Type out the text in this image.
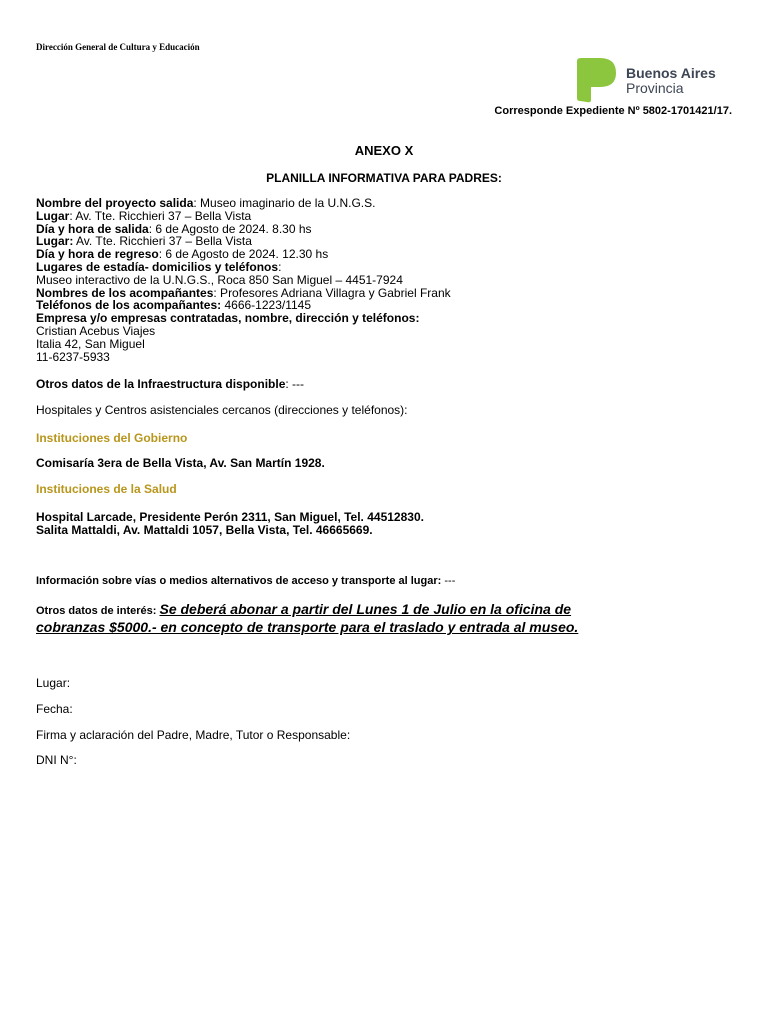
Dirección General de Cultura y Educación
Buenos Aires
Provincia
Corresponde Expediente Nº 5802-1701421/17.
ANEXO X
PLANILLA INFORMATIVA PARA PADRES:
Nombre del proyecto salida: Museo imaginario de la U.N.G.S.
Lugar: Av. Tte. Ricchieri 37 – Bella Vista
Día y hora de salida: 6 de Agosto de 2024. 8.30 hs
Lugar: Av. Tte. Ricchieri 37 – Bella Vista
Día y hora de regreso: 6 de Agosto de 2024. 12.30 hs
Lugares de estadía- domicilios y teléfonos:
Museo interactivo de la U.N.G.S., Roca 850 San Miguel – 4451-7924
Nombres de los acompañantes: Profesores Adriana Villagra y Gabriel Frank
Teléfonos de los acompañantes: 4666-1223/1145
Empresa y/o empresas contratadas, nombre, dirección y teléfonos:
Cristian Acebus Viajes
Italia 42, San Miguel
11-6237-5933
Otros datos de la Infraestructura disponible: ---
Hospitales y Centros asistenciales cercanos (direcciones y teléfonos):
Instituciones del Gobierno
Comisaría 3era de Bella Vista, Av. San Martín 1928.
Instituciones de la Salud
Hospital Larcade, Presidente Perón 2311, San Miguel, Tel. 44512830.
Salita Mattaldi, Av. Mattaldi 1057, Bella Vista, Tel. 46665669.
Información sobre vías o medios alternativos de acceso y transporte al lugar: ---
Otros datos de interés: Se deberá abonar a partir del Lunes 1 de Julio en la oficina de
cobranzas $5000.- en concepto de transporte para el traslado y entrada al museo.
Lugar:
Fecha:
Firma y aclaración del Padre, Madre, Tutor o Responsable:
DNI N°:
